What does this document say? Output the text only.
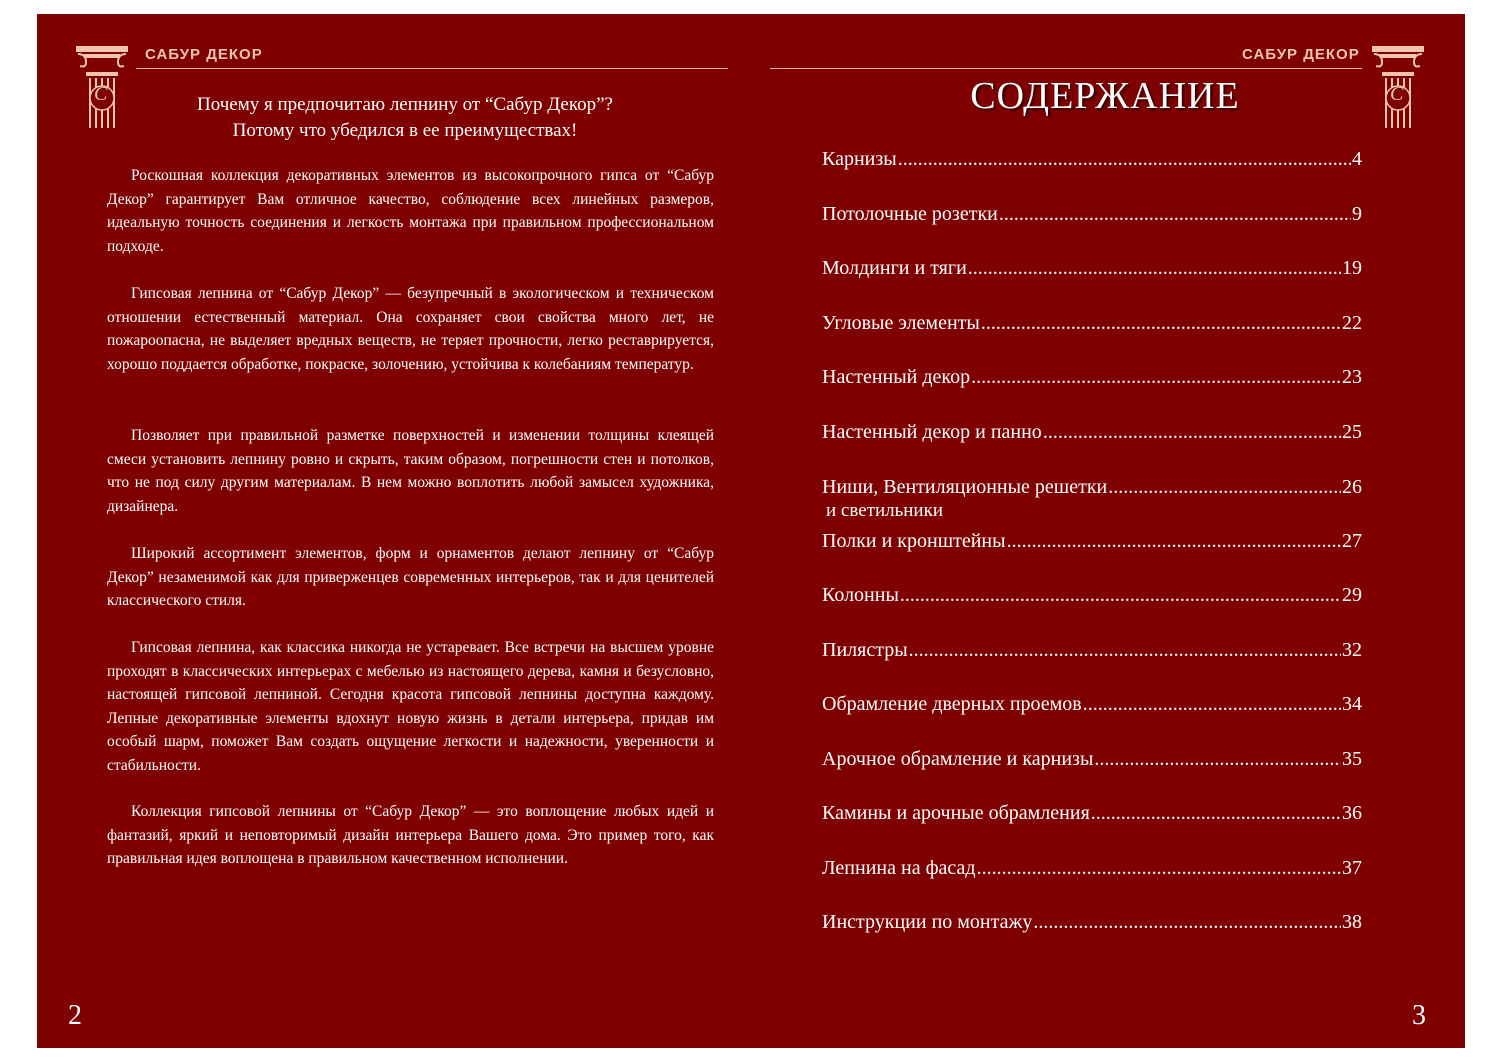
C
САБУР ДЕКОР
C
САБУР ДЕКОР
Почему я предпочитаю лепнину от “Сабур Декор”?
Потому что убедился в ее преимуществах!

Роскошная коллекция декоративных элементов из высокопрочного гипса от “Сабур Декор” гарантирует Вам отличное качество, соблюдение всех линейных размеров, идеальную точность соединения и легкость монтажа при правильном профессиональном подходе.

Гипсовая лепнина от “Сабур Декор” — безупречный в экологическом и техническом отношении естественный материал. Она сохраняет свои свойства много лет, не пожароопасна, не выделяет вредных веществ, не теряет прочности, легко реставрируется, хорошо поддается обработке, покраске, золочению, устойчива к колебаниям температур.

Позволяет при правильной разметке поверхностей и изменении толщины клеящей смеси установить лепнину ровно и скрыть, таким образом, погрешности стен и потолков, что не под силу другим материалам. В нем можно воплотить любой замысел художника, дизайнера.

Широкий ассортимент элементов, форм и орнаментов делают лепнину от “Сабур Декор” незаменимой как для приверженцев современных интерьеров, так и для ценителей классического стиля.

Гипсовая лепнина, как классика никогда не устаревает. Все встречи на высшем уровне проходят в классических интерьерах с мебелью из настоящего дерева, камня и безусловно, настоящей гипсовой лепниной. Сегодня красота гипсовой лепнины доступна каждому. Лепные декоративные элементы вдохнут новую жизнь в детали интерьера, придав им особый шарм, поможет Вам создать ощущение легкости и надежности, уверенности и стабильности.

Коллекция гипсовой лепнины от “Сабур Декор” — это воплощение любых идей и фантазий, яркий и неповторимый дизайн интерьера Вашего дома. Это пример того, как правильная идея воплощена в правильном качественном исполнении.

2
СОДЕРЖАНИЕ
Карнизы .....	4
Потолочные розетки .....	9
Молдинги и тяги .....	19
Угловые элементы .....	22
Настенный декор .....	23
Настенный декор и панно .....	25
Ниши, Вентиляционные решетки .....	26
и светильники
Полки и кронштейны .....	27
Колонны .....	29
Пилястры .....	32
Обрамление дверных проемов .....	34
Арочное обрамление и карнизы .....	35
Камины и арочные обрамления .....	36
Лепнина на фасад .....	37
Инструкции по монтажу .....	38
3
